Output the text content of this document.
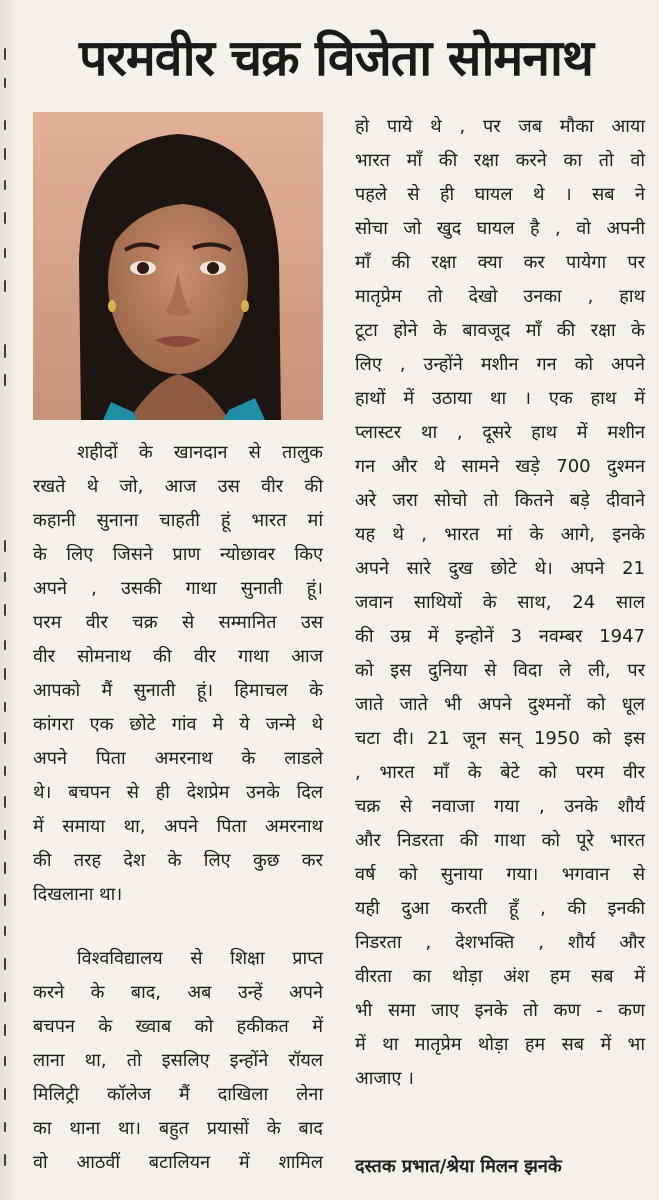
परमवीर चक्र विजेता सोमनाथ
शहीदों के खानदान से तालुक
रखते थे जो, आज उस वीर की
कहानी सुनाना चाहती हूं भारत मां
के लिए जिसने प्राण न्योछावर किए
अपने , उसकी गाथा सुनाती हूं।
परम वीर चक्र से सम्मानित उस
वीर सोमनाथ की वीर गाथा आज
आपको मैं सुनाती हूं। हिमाचल के
कांगरा एक छोटे गांव मे ये जन्मे थे
अपने पिता अमरनाथ के लाडले
थे। बचपन से ही देशप्रेम उनके दिल
में समाया था, अपने पिता अमरनाथ
की तरह देश के लिए कुछ कर
दिखलाना था।
विश्वविद्यालय से शिक्षा प्राप्त
करने के बाद, अब उन्हें अपने
बचपन के ख्वाब को हकीकत में
लाना था, तो इसलिए इन्होंने रॉयल
मिलिट्री कॉलेज मैं दाखिला लेना
का थाना था। बहुत प्रयासों के बाद
वो आठवीं बटालियन में शामिल
हो पाये थे , पर जब मौका आया
भारत माँ की रक्षा करने का तो वो
पहले से ही घायल थे । सब ने
सोचा जो खुद घायल है , वो अपनी
माँ की रक्षा क्या कर पायेगा पर
मातृप्रेम तो देखो उनका , हाथ
टूटा होने के बावजूद माँ की रक्षा के
लिए , उन्होंने मशीन गन को अपने
हाथों में उठाया था । एक हाथ में
प्लास्टर था , दूसरे हाथ में मशीन
गन और थे सामने खड़े 700 दुश्मन
अरे जरा सोचो तो कितने बड़े दीवाने
यह थे , भारत मां के आगे, इनके
अपने सारे दुख छोटे थे। अपने 21
जवान साथियों के साथ, 24 साल
की उम्र में इन्होनें 3 नवम्बर 1947
को इस दुनिया से विदा ले ली, पर
जाते जाते भी अपने दुश्मनों को धूल
चटा दी। 21 जून सन् 1950 को इस
, भारत माँ के बेटे को परम वीर
चक्र से नवाजा गया , उनके शौर्य
और निडरता की गाथा को पूरे भारत
वर्ष को सुनाया गया। भगवान से
यही दुआ करती हूँ , की इनकी
निडरता , देशभक्ति , शौर्य और
वीरता का थोड़ा अंश हम सब में
भी समा जाए इनके तो कण - कण
में था मातृप्रेम थोड़ा हम सब में भा
आजाए ।
दस्तक प्रभात/श्रेया मिलन झनके
